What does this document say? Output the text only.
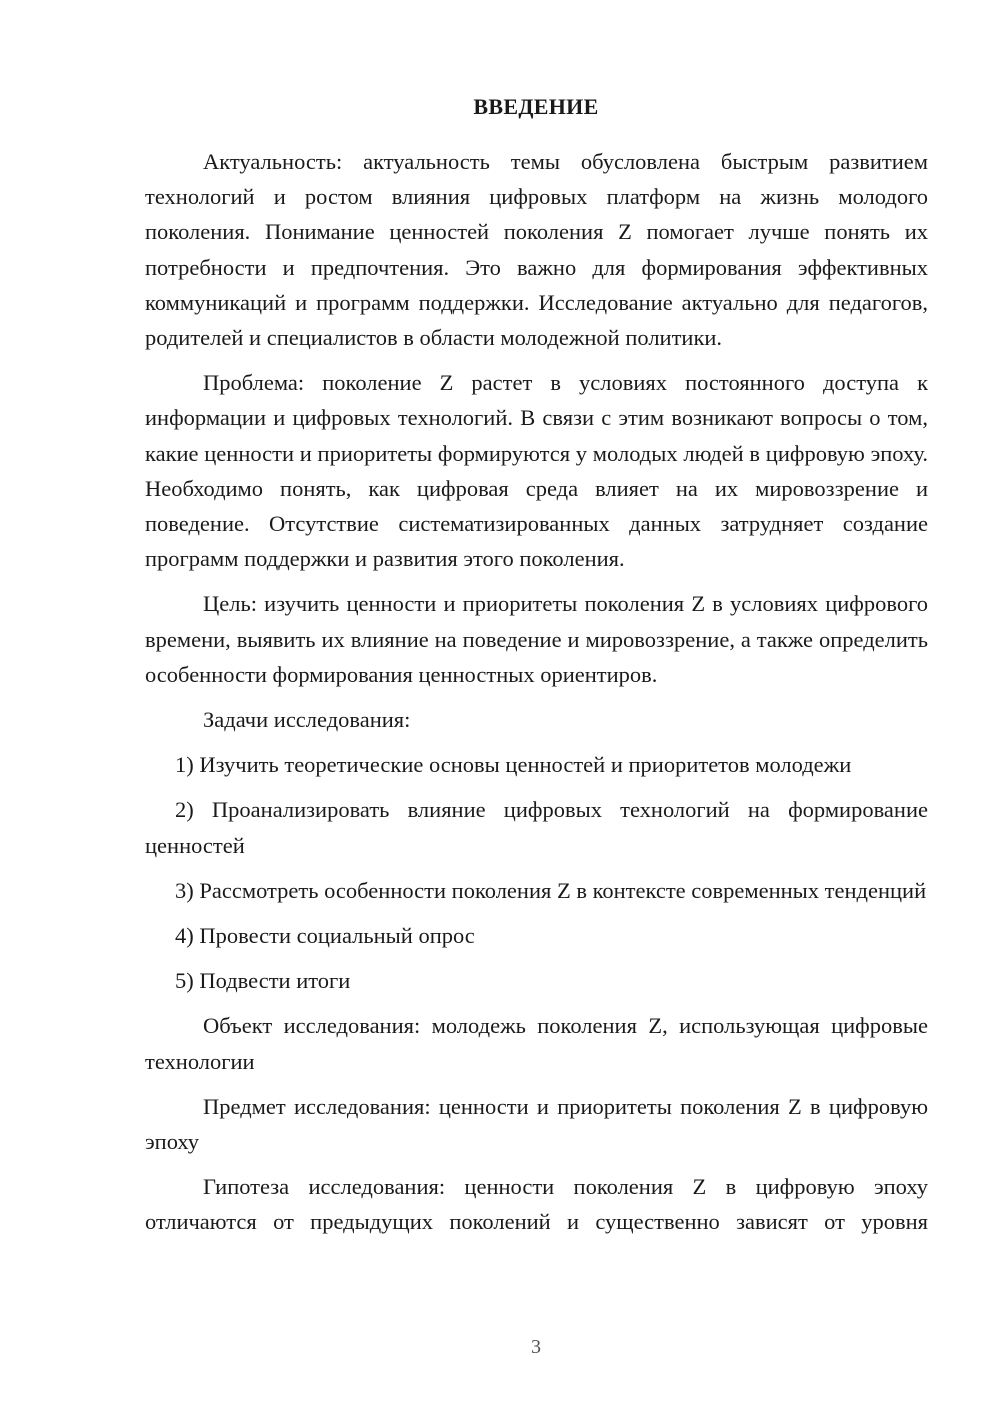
ВВЕДЕНИЕ

Актуальность: актуальность темы обусловлена быстрым развитием технологий и ростом влияния цифровых платформ на жизнь молодого поколения. Понимание ценностей поколения Z помогает лучше понять их потребности и предпочтения. Это важно для формирования эффективных коммуникаций и программ поддержки. Исследование актуально для педагогов, родителей и специалистов в области молодежной политики.

Проблема: поколение Z растет в условиях постоянного доступа к информации и цифровых технологий. В связи с этим возникают вопросы о том, какие ценности и приоритеты формируются у молодых людей в цифровую эпоху. Необходимо понять, как цифровая среда влияет на их мировоззрение и поведение. Отсутствие систематизированных данных затрудняет создание программ поддержки и развития этого поколения.

Цель: изучить ценности и приоритеты поколения Z в условиях цифрового времени, выявить их влияние на поведение и мировоззрение, а также определить особенности формирования ценностных ориентиров.

Задачи исследования:

1) Изучить теоретические основы ценностей и приоритетов молодежи

2) Проанализировать влияние цифровых технологий на формирование ценностей

3) Рассмотреть особенности поколения Z в контексте современных тенденций

4) Провести социальный опрос

5) Подвести итоги

Объект исследования: молодежь поколения Z, использующая цифровые технологии

Предмет исследования: ценности и приоритеты поколения Z в цифровую эпоху

Гипотеза исследования: ценности поколения Z в цифровую эпоху отличаются от предыдущих поколений и существенно зависят от уровня

3
